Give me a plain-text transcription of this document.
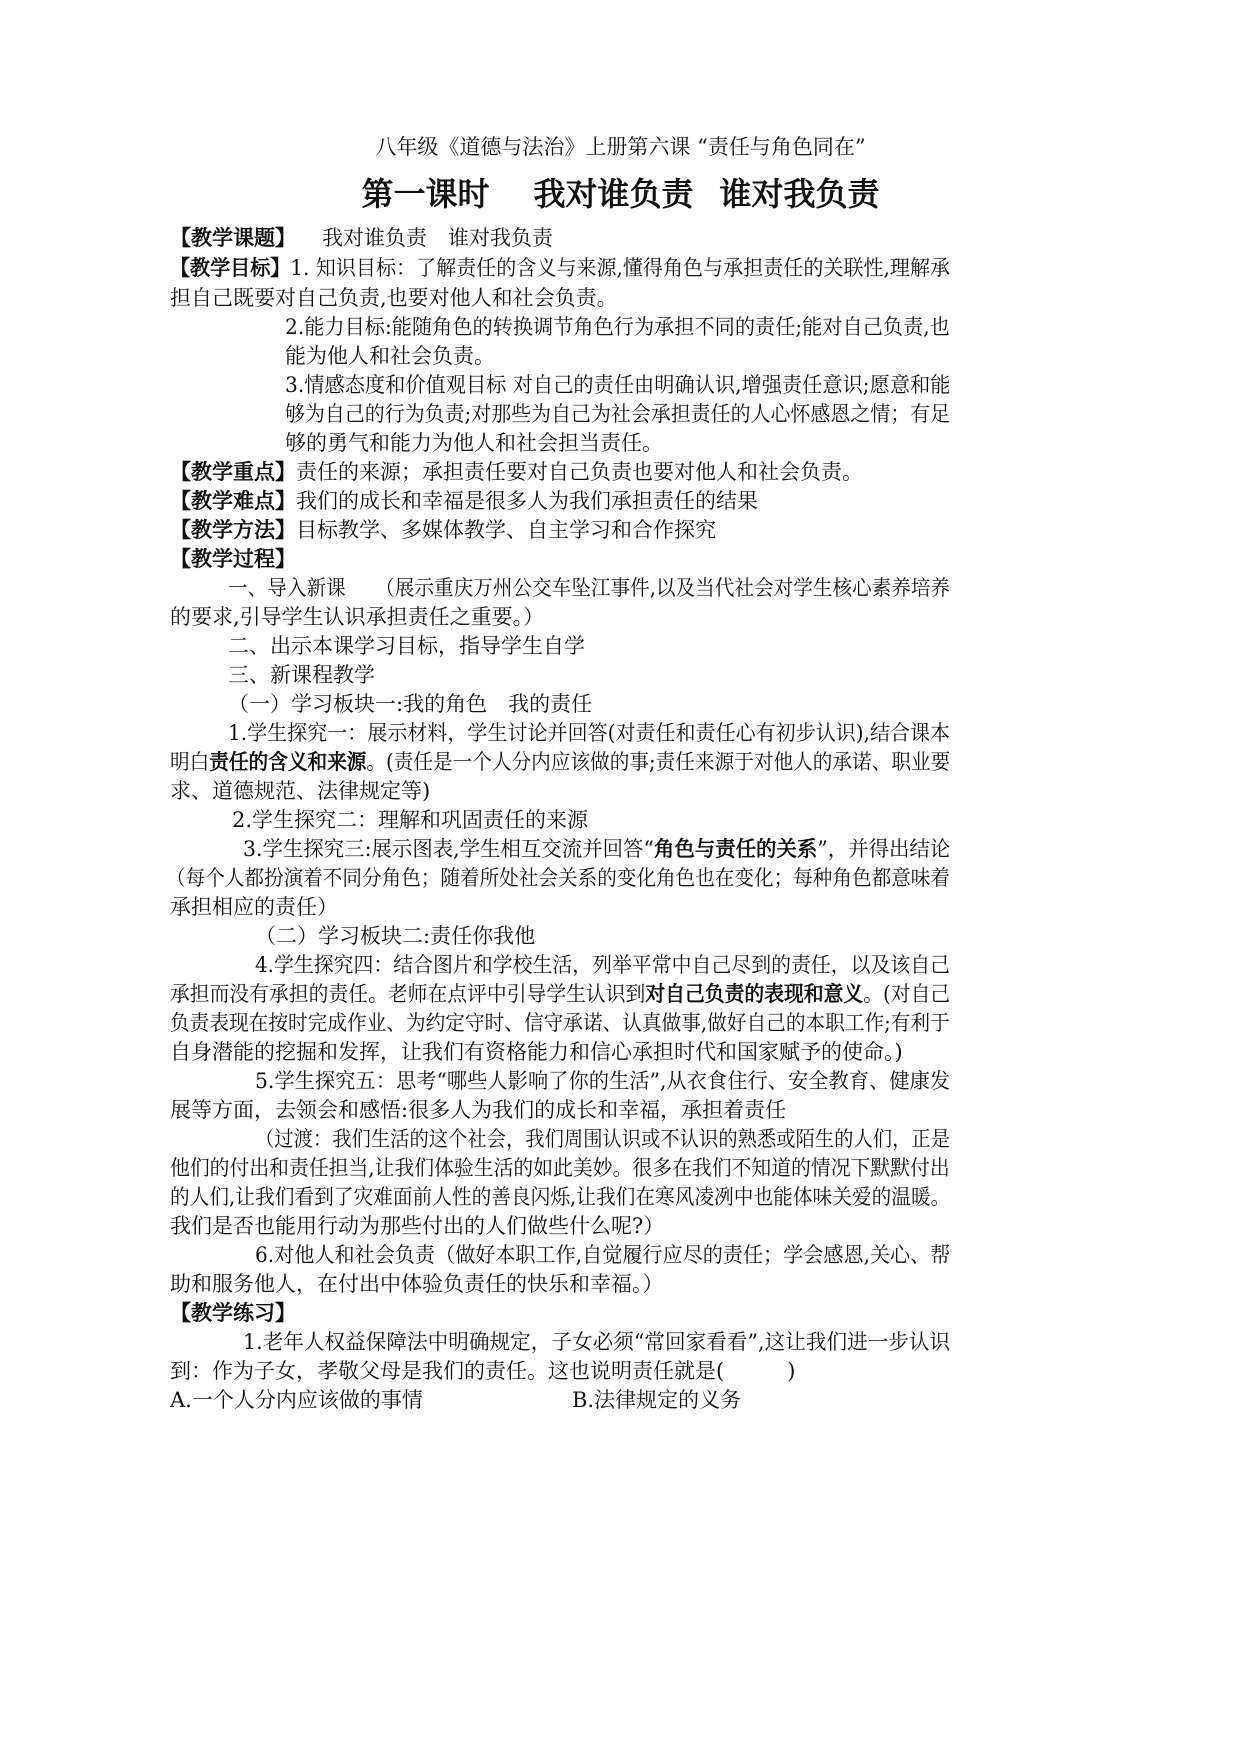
八年级《道德与法治》上册第六课 “责任与角色同在”
第一课时 我对谁负责 谁对我负责
【教学课题】 我对谁负责　谁对我负责
【教学目标】1. 知识目标：了解责任的含义与来源,懂得角色与承担责任的关联性,理解承
担自己既要对自己负责,也要对他人和社会负责。
2.能力目标:能随角色的转换调节角色行为承担不同的责任;能对自己负责,也
能为他人和社会负责。
3.情感态度和价值观目标 对自己的责任由明确认识,增强责任意识;愿意和能
够为自己的行为负责;对那些为自己为社会承担责任的人心怀感恩之情；有足
够的勇气和能力为他人和社会担当责任。
【教学重点】责任的来源；承担责任要对自己负责也要对他人和社会负责。
【教学难点】我们的成长和幸福是很多人为我们承担责任的结果
【教学方法】目标教学、多媒体教学、自主学习和合作探究
【教学过程】
一、导入新课　　（展示重庆万州公交车坠江事件,以及当代社会对学生核心素养培养
的要求,引导学生认识承担责任之重要。）
二、出示本课学习目标，指导学生自学
三、新课程教学
（一）学习板块一:我的角色　我的责任
1.学生探究一：展示材料，学生讨论并回答(对责任和责任心有初步认识),结合课本
明白责任的含义和来源。(责任是一个人分内应该做的事;责任来源于对他人的承诺、职业要
求、道德规范、法律规定等)
2.学生探究二：理解和巩固责任的来源
3.学生探究三:展示图表,学生相互交流并回答“角色与责任的关系”，并得出结论
（每个人都扮演着不同分角色；随着所处社会关系的变化角色也在变化；每种角色都意味着
承担相应的责任）
（二）学习板块二:责任你我他
4.学生探究四：结合图片和学校生活，列举平常中自己尽到的责任，以及该自己
承担而没有承担的责任。老师在点评中引导学生认识到对自己负责的表现和意义。(对自己
负责表现在按时完成作业、为约定守时、信守承诺、认真做事,做好自己的本职工作;有利于
自身潜能的挖掘和发挥，让我们有资格能力和信心承担时代和国家赋予的使命。)
5.学生探究五：思考“哪些人影响了你的生活”,从衣食住行、安全教育、健康发
展等方面，去领会和感悟:很多人为我们的成长和幸福，承担着责任
（过渡：我们生活的这个社会，我们周围认识或不认识的熟悉或陌生的人们，正是
他们的付出和责任担当,让我们体验生活的如此美妙。很多在我们不知道的情况下默默付出
的人们,让我们看到了灾难面前人性的善良闪烁,让我们在寒风凌冽中也能体味关爱的温暖。
我们是否也能用行动为那些付出的人们做些什么呢?）
6.对他人和社会负责（做好本职工作,自觉履行应尽的责任；学会感恩,关心、帮
助和服务他人，在付出中体验负责任的快乐和幸福。）
【教学练习】
1.老年人权益保障法中明确规定，子女必须“常回家看看”,这让我们进一步认识
到：作为子女，孝敬父母是我们的责任。这也说明责任就是(　　　)
A.一个人分内应该做的事情	B.法律规定的义务
